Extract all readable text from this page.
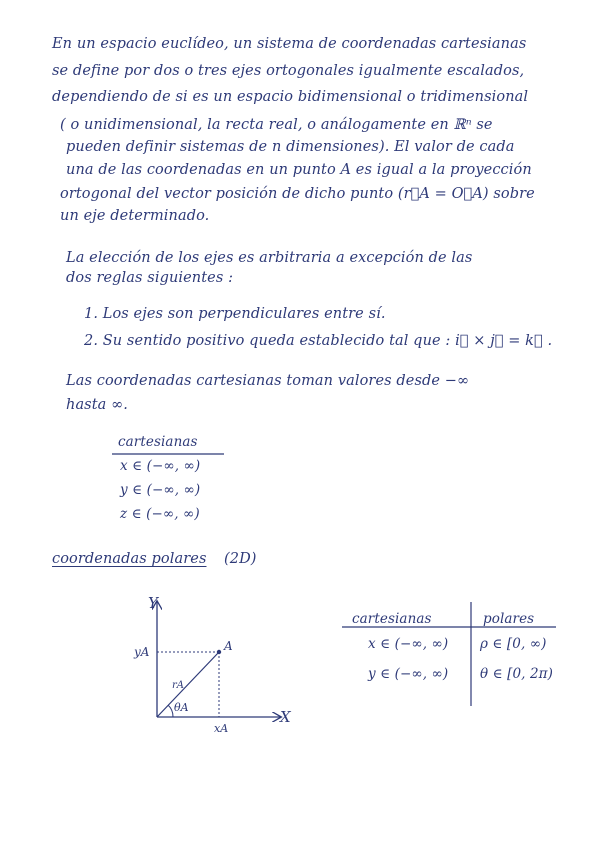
En un espacio euclídeo, un sistema de coordenadas cartesianas
se define por dos o tres ejes ortogonales igualmente escalados,
dependiendo de si es un espacio bidimensional o tridimensional
( o unidimensional, la recta real, o análogamente en ℝⁿ se
pueden definir sistemas de n dimensiones). El valor de cada
una de las coordenadas en un punto A es igual a la proyección
ortogonal del vector posición de dicho punto (r⃗A = O⃗A) sobre
un eje determinado.
La elección de los ejes es arbitraria a excepción de las
dos reglas siguientes :
1. Los ejes son perpendiculares entre sí.
2. Su sentido positivo queda establecido tal que : i⃗ × j⃗ = k⃗ .
Las coordenadas cartesianas toman valores desde −∞
hasta ∞.
cartesianas
x ∈ (−∞, ∞)
y ∈ (−∞, ∞)
z ∈ (−∞, ∞)
coordenadas polares (2D)
Y
X
A
yA
xA
rA
θA
cartesianas	polares
x ∈ (−∞, ∞) ρ ∈ [0, ∞)
y ∈ (−∞, ∞) θ ∈ [0, 2π)
